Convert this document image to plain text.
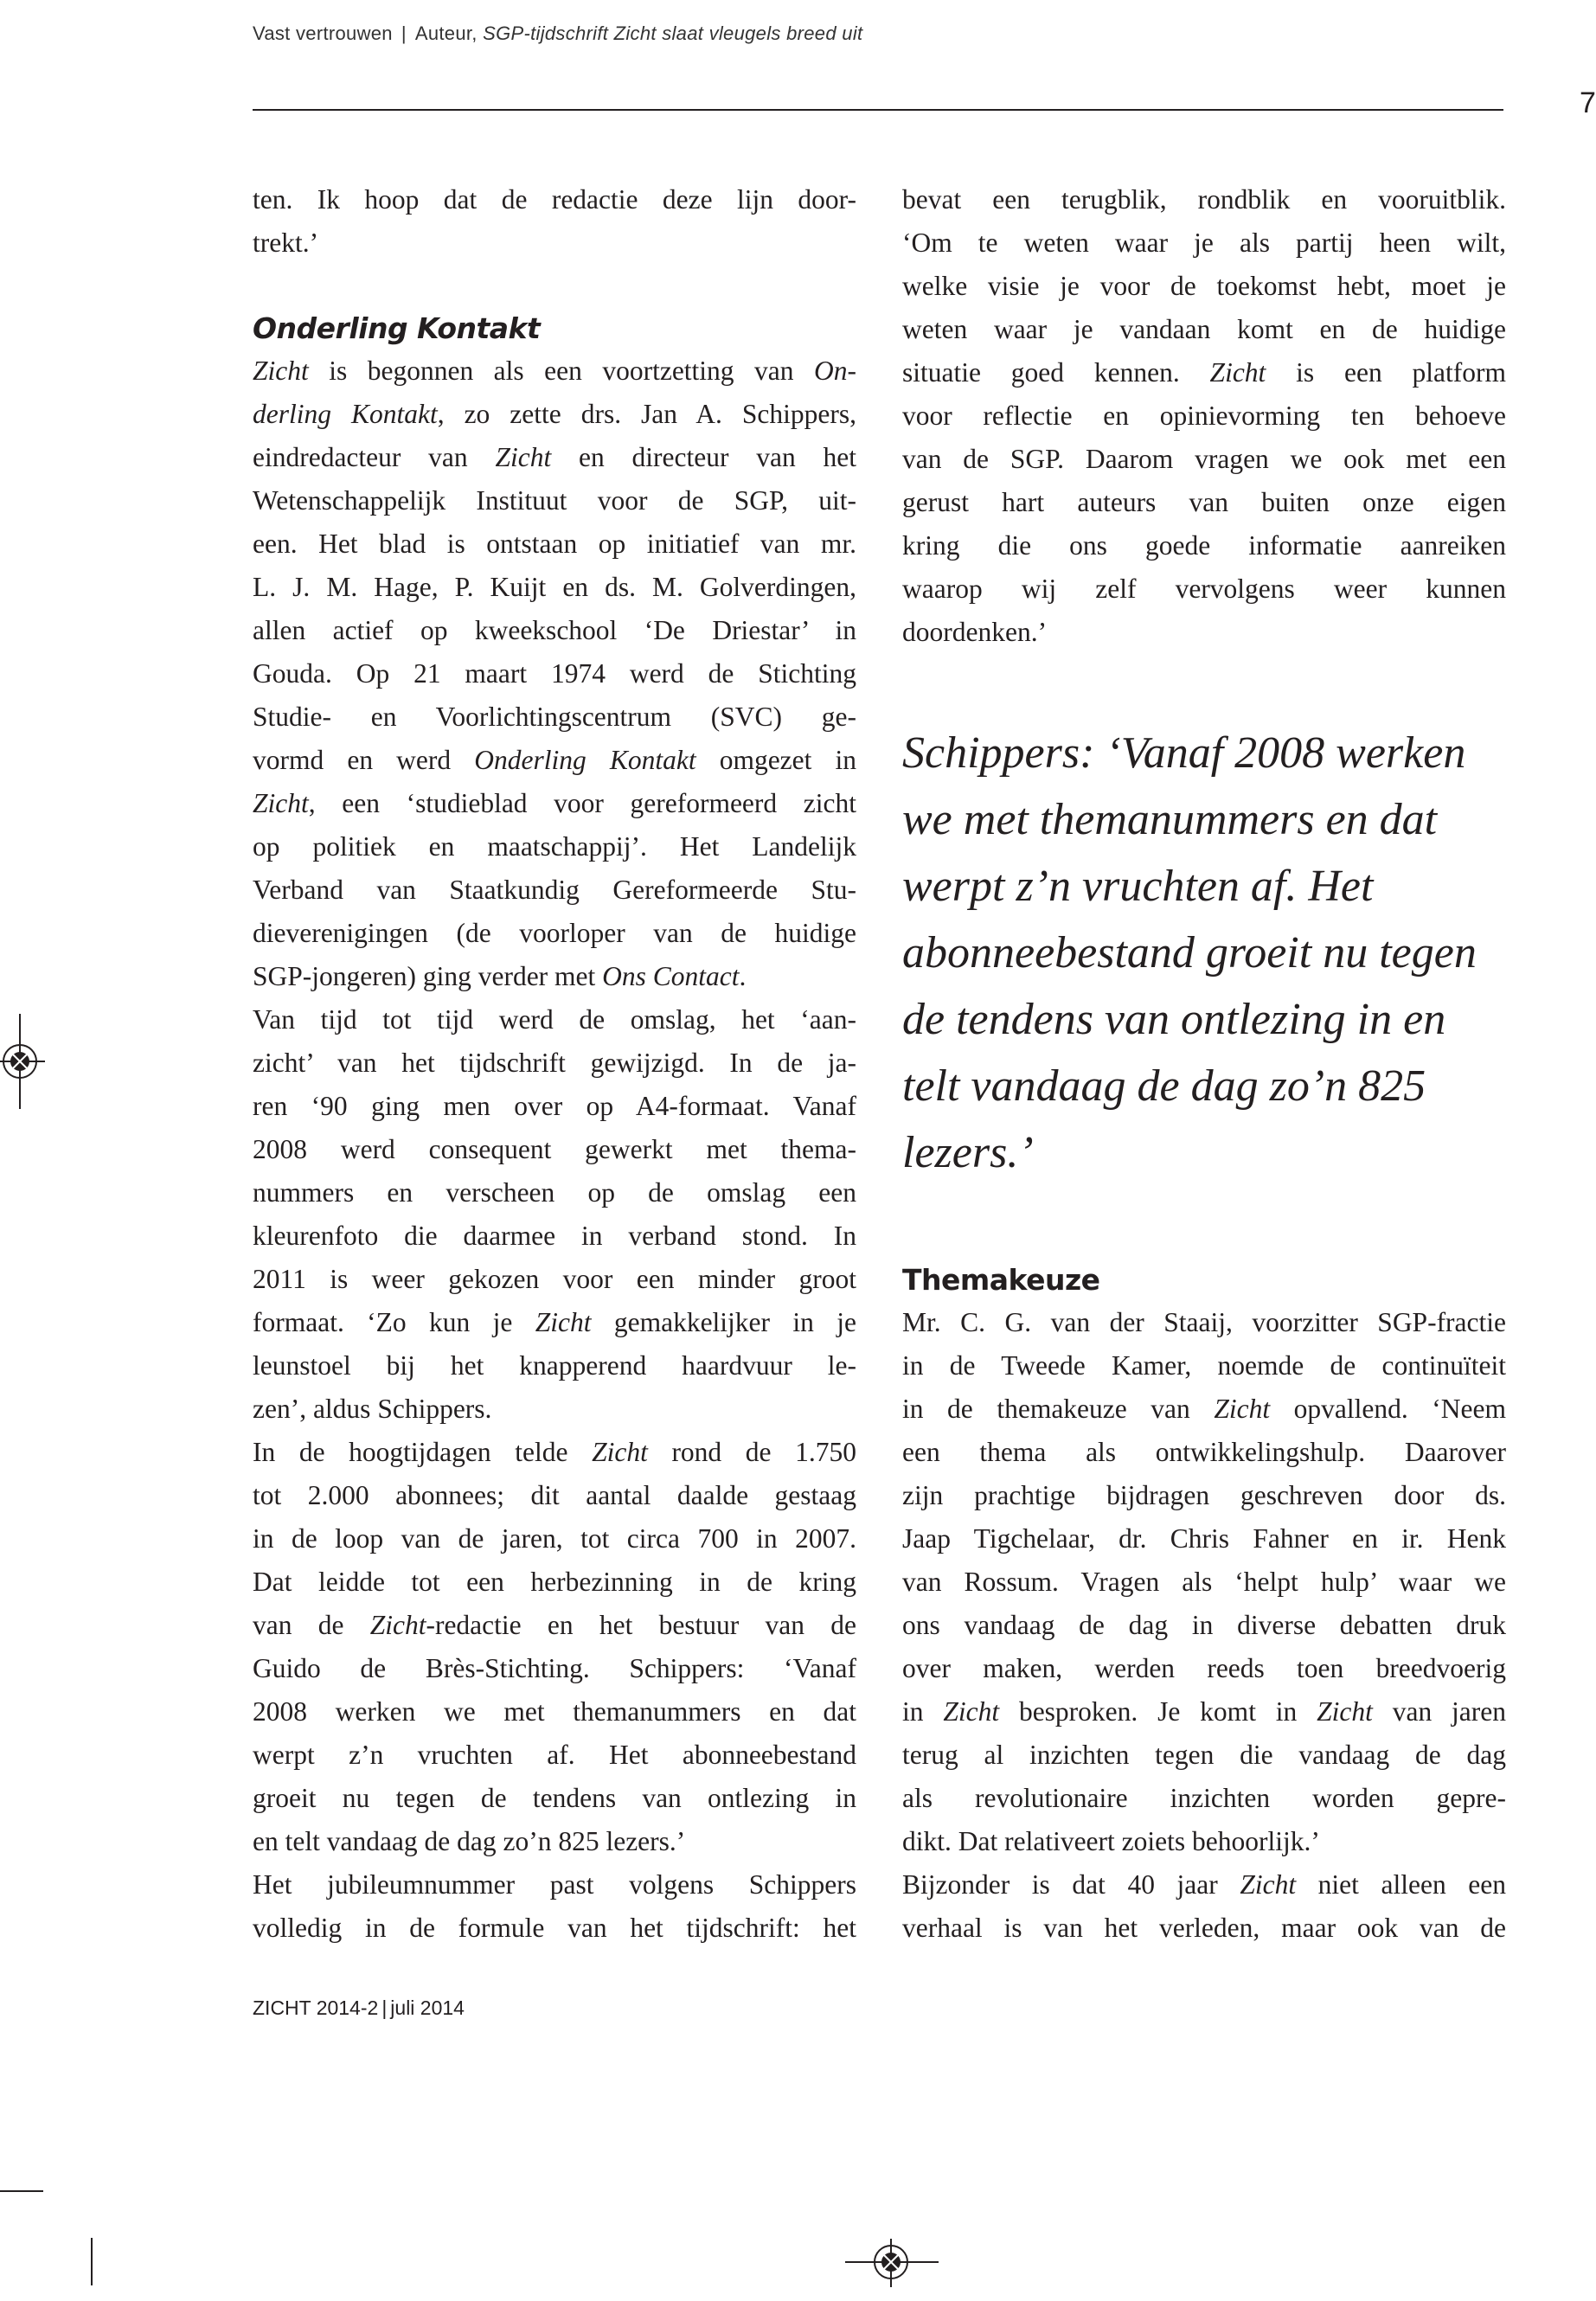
Vast vertrouwen | Auteur, SGP-tijdschrift Zicht slaat vleugels breed uit
7
ten. Ik hoop dat de redactie deze lijn door-
trekt.’
Onderling Kontakt
Zicht is begonnen als een voortzetting van On-
derling Kontakt, zo zette drs. Jan A. Schippers,
eindredacteur van Zicht en directeur van het
Wetenschappelijk Instituut voor de SGP, uit-
een. Het blad is ontstaan op initiatief van mr.
L. J. M. Hage, P. Kuijt en ds. M. Golverdingen,
allen actief op kweekschool ‘De Driestar’ in
Gouda. Op 21 maart 1974 werd de Stichting
Studie- en Voorlichtingscentrum (SVC) ge-
vormd en werd Onderling Kontakt omgezet in
Zicht, een ‘studieblad voor gereformeerd zicht
op politiek en maatschappij’. Het Landelijk
Verband van Staatkundig Gereformeerde Stu-
dieverenigingen (de voorloper van de huidige
SGP-jongeren) ging verder met Ons Contact.
Van tijd tot tijd werd de omslag, het ‘aan-
zicht’ van het tijdschrift gewijzigd. In de ja-
ren ‘90 ging men over op A4-formaat. Vanaf
2008 werd consequent gewerkt met thema-
nummers en verscheen op de omslag een
kleurenfoto die daarmee in verband stond. In
2011 is weer gekozen voor een minder groot
formaat. ‘Zo kun je Zicht gemakkelijker in je
leunstoel bij het knapperend haardvuur le-
zen’, aldus Schippers.
In de hoogtijdagen telde Zicht rond de 1.750
tot 2.000 abonnees; dit aantal daalde gestaag
in de loop van de jaren, tot circa 700 in 2007.
Dat leidde tot een herbezinning in de kring
van de Zicht-redactie en het bestuur van de
Guido de Brès-Stichting. Schippers: ‘Vanaf
2008 werken we met themanummers en dat
werpt z’n vruchten af. Het abonneebestand
groeit nu tegen de tendens van ontlezing in
en telt vandaag de dag zo’n 825 lezers.’
Het jubileumnummer past volgens Schippers
volledig in de formule van het tijdschrift: het
bevat een terugblik, rondblik en vooruitblik.
‘Om te weten waar je als partij heen wilt,
welke visie je voor de toekomst hebt, moet je
weten waar je vandaan komt en de huidige
situatie goed kennen. Zicht is een platform
voor reflectie en opinievorming ten behoeve
van de SGP. Daarom vragen we ook met een
gerust hart auteurs van buiten onze eigen
kring die ons goede informatie aanreiken
waarop wij zelf vervolgens weer kunnen
doordenken.’
Schippers: ‘Vanaf 2008 werken
we met themanummers en dat
werpt z’n vruchten af. Het
abonneebestand groeit nu tegen
de tendens van ontlezing in en
telt vandaag de dag zo’n 825
lezers.’
Themakeuze
Mr. C. G. van der Staaij, voorzitter SGP-fractie
in de Tweede Kamer, noemde de continuïteit
in de themakeuze van Zicht opvallend. ‘Neem
een thema als ontwikkelingshulp. Daarover
zijn prachtige bijdragen geschreven door ds.
Jaap Tigchelaar, dr. Chris Fahner en ir. Henk
van Rossum. Vragen als ‘helpt hulp’ waar we
ons vandaag de dag in diverse debatten druk
over maken, werden reeds toen breedvoerig
in Zicht besproken. Je komt in Zicht van jaren
terug al inzichten tegen die vandaag de dag
als revolutionaire inzichten worden gepre-
dikt. Dat relativeert zoiets behoorlijk.’
Bijzonder is dat 40 jaar Zicht niet alleen een
verhaal is van het verleden, maar ook van de
ZICHT 2014-2 | juli 2014
